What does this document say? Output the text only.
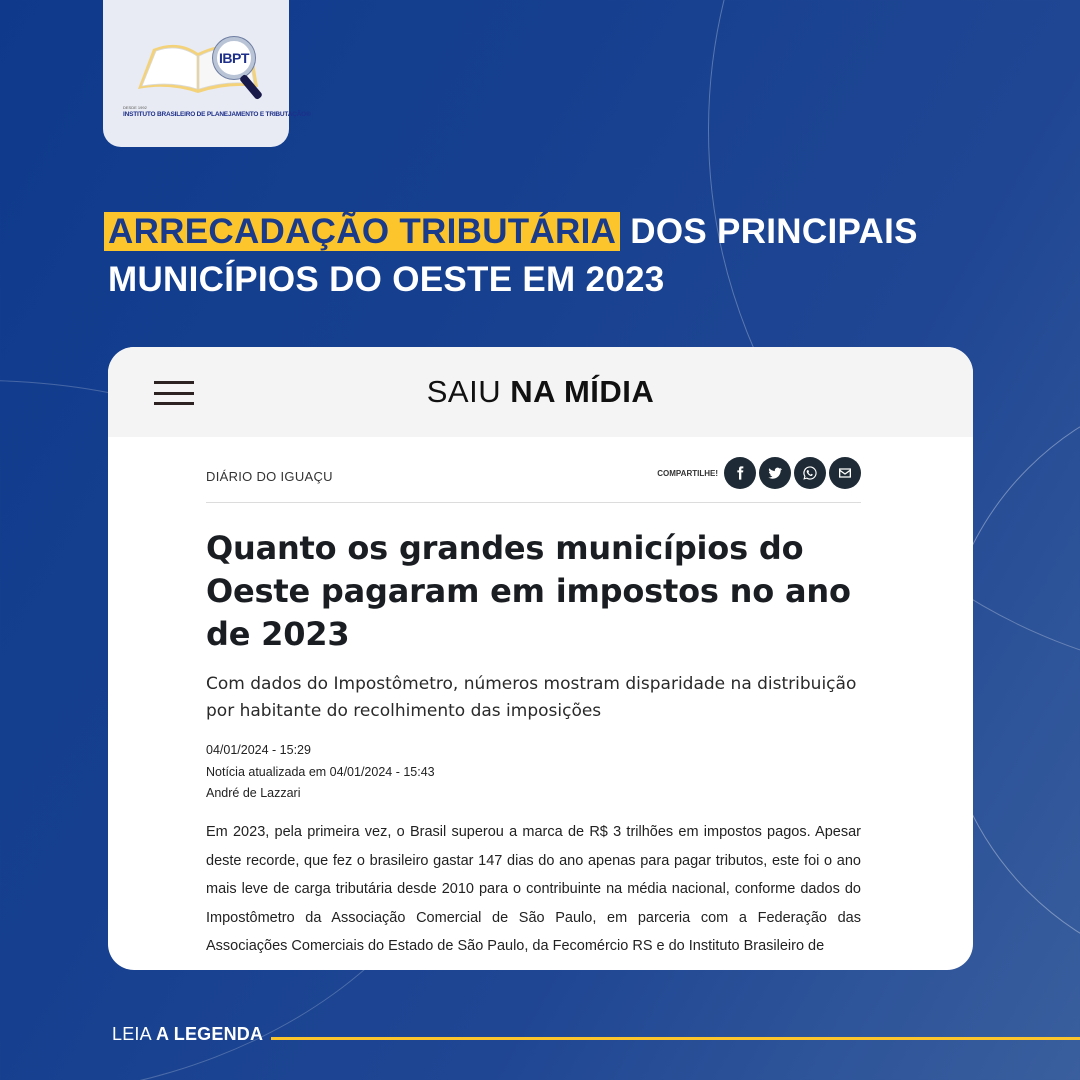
IBPT
DESDE 1992
INSTITUTO BRASILEIRO DE PLANEJAMENTO E TRIBUTAÇÃO®
ARRECADAÇÃO TRIBUTÁRIA DOS PRINCIPAIS
MUNICÍPIOS DO OESTE EM 2023
SAIU NA MÍDIA
DIÁRIO DO IGUAÇU	COMPARTILHE!
Quanto os grandes municípios do Oeste pagaram em impostos no ano de 2023
Com dados do Impostômetro, números mostram disparidade na distribuição por habitante do recolhimento das imposições
04/01/2024 - 15:29
Notícia atualizada em 04/01/2024 - 15:43
André de Lazzari
Em 2023, pela primeira vez, o Brasil superou a marca de R$ 3 trilhões em impostos pagos. Apesar deste recorde, que fez o brasileiro gastar 147 dias do ano apenas para pagar tributos, este foi o ano mais leve de carga tributária desde 2010 para o contribuinte na média nacional, conforme dados do Impostômetro da Associação Comercial de São Paulo, em parceria com a Federação das Associações Comerciais do Estado de São Paulo, da Fecomércio RS e do Instituto Brasileiro de
LEIA A LEGENDA
